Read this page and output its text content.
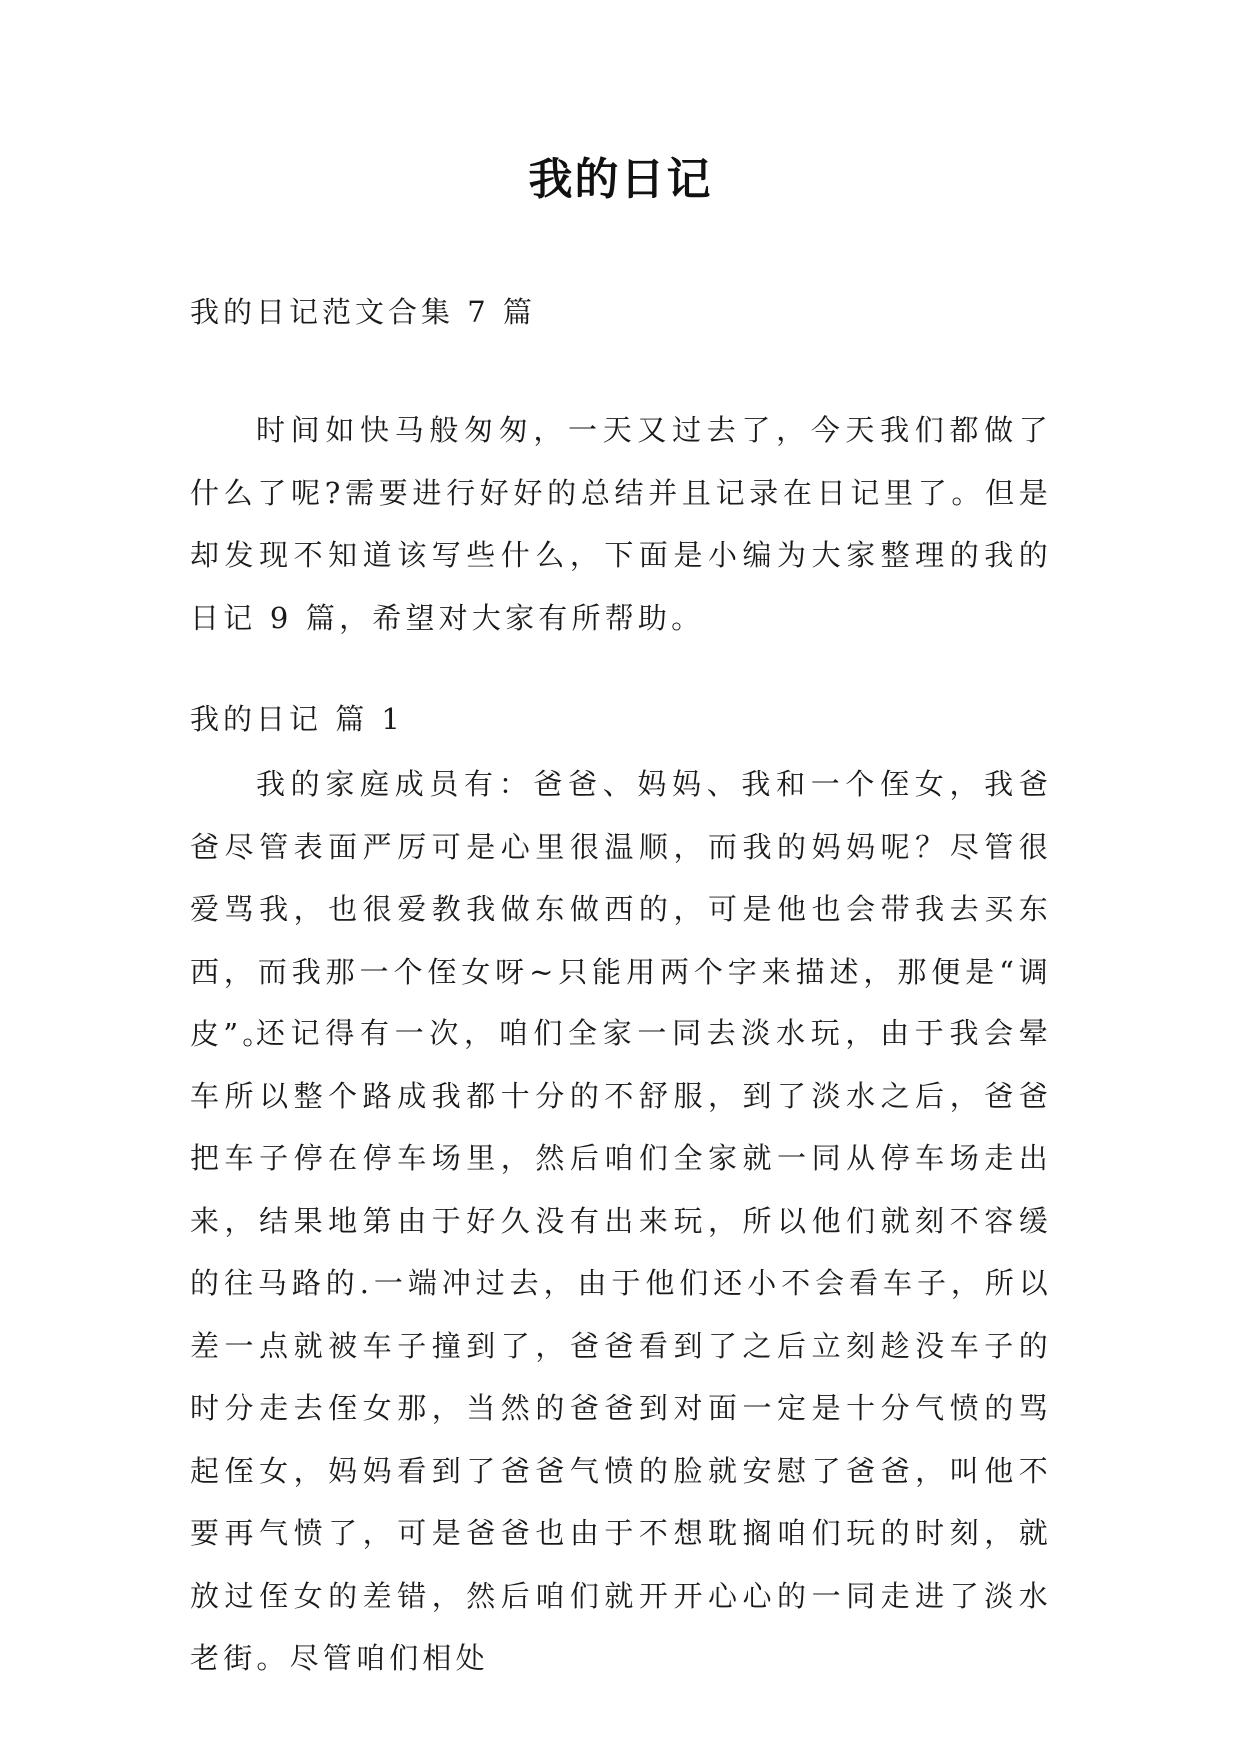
我的日记
我的日记范文合集 7 篇
时间如快马般匆匆，一天又过去了，今天我们都做了什么了呢?需要进行好好的总结并且记录在日记里了。但是却发现不知道该写些什么，下面是小编为大家整理的我的日记 9 篇，希望对大家有所帮助。
我的日记 篇 1
我的家庭成员有：爸爸、妈妈、我和一个侄女，我爸爸尽管表面严厉可是心里很温顺，而我的妈妈呢？尽管很爱骂我，也很爱教我做东做西的，可是他也会带我去买东西，而我那一个侄女呀~只能用两个字来描述，那便是“调皮”。
还记得有一次，咱们全家一同去淡水玩，由于我会晕车所以整个路成我都十分的不舒服，到了淡水之后，爸爸把车子停在停车场里，然后咱们全家就一同从停车场走出来，结果地第由于好久没有出来玩，所以他们就刻不容缓的往马路的.一端冲过去，由于他们还小不会看车子，所以差一点就被车子撞到了，爸爸看到了之后立刻趁没车子的时分走去侄女那，当然的爸爸到对面一定是十分气愤的骂起侄女，妈妈看到了爸爸气愤的脸就安慰了爸爸，叫他不要再气愤了，可是爸爸也由于不想耽搁咱们玩的时刻，就放过侄女的差错，然后咱们就开开心心的一同走进了淡水老街。尽管咱们相处
